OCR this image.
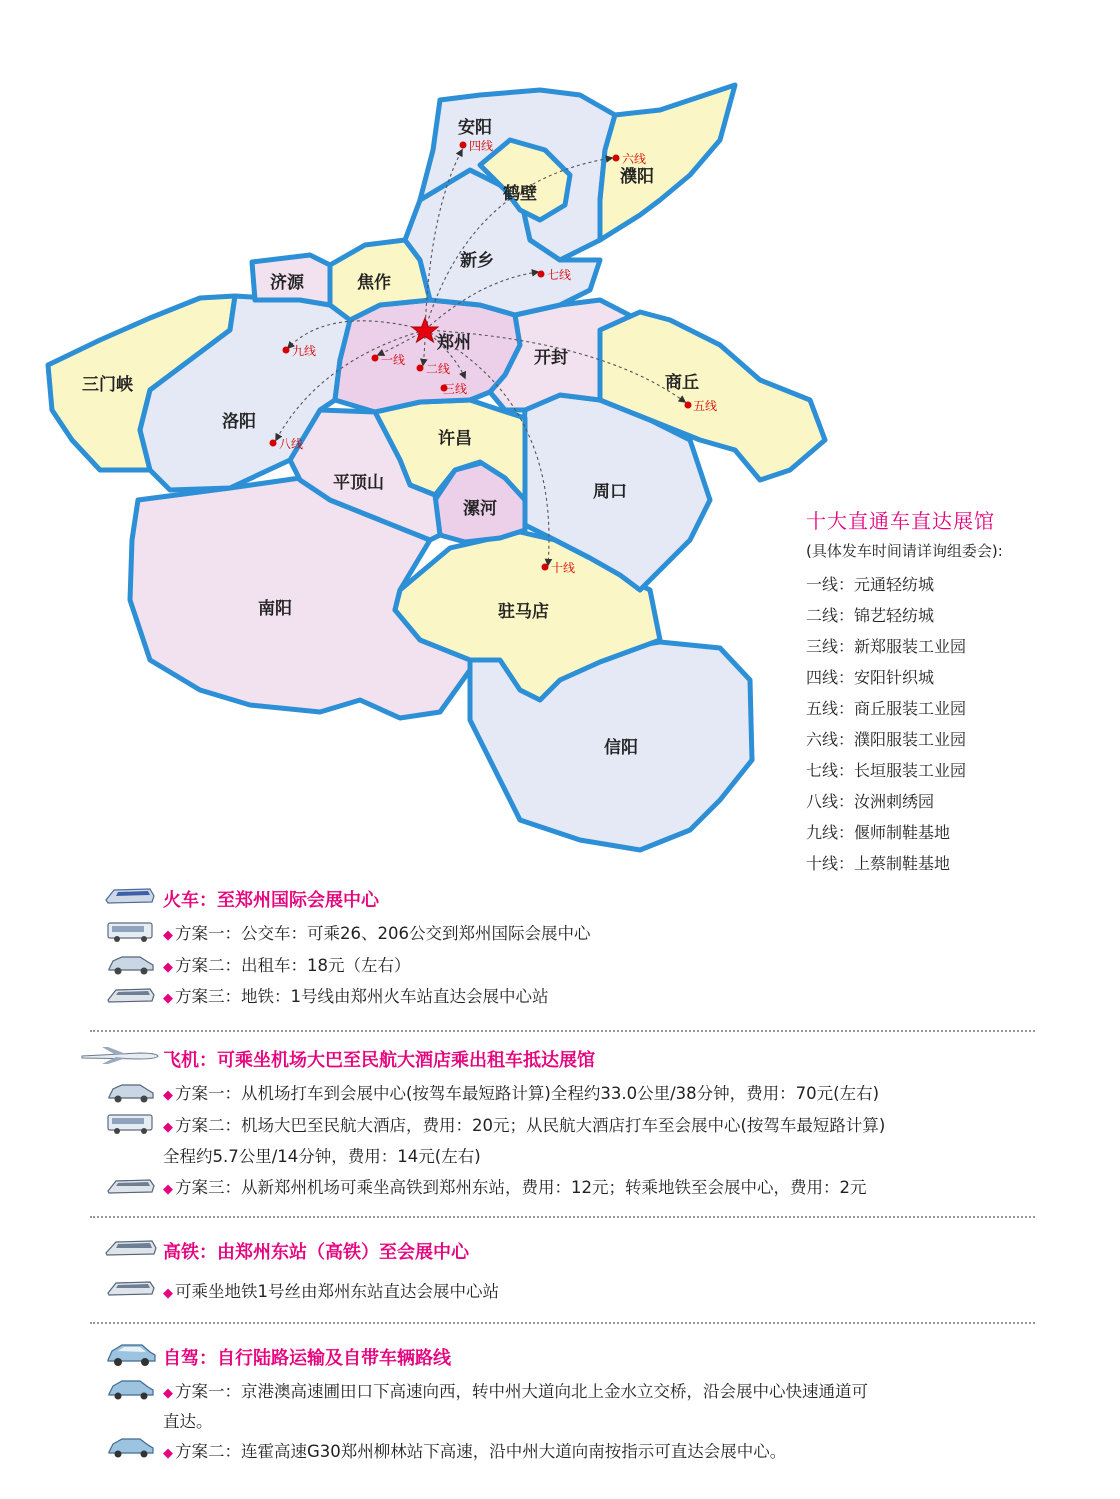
安阳
鹤壁
濮阳
新乡
济源	焦作
郑州
开封
商丘
三门峡
洛阳
许昌
平顶山
漯河
周口
南阳	驻马店
信阳
一线
二线
三线
四线
五线
六线
七线
八线
九线
十线
十大直通车直达展馆
(具体发车时间请详询组委会):
一线：元通轻纺城
二线：锦艺轻纺城
三线：新郑服装工业园
四线：安阳针织城
五线：商丘服装工业园
六线：濮阳服装工业园
七线：长垣服装工业园
八线：汝洲刺绣园
九线：偃师制鞋基地
十线：上蔡制鞋基地
火车：至郑州国际会展中心
◆ 方案一：公交车：可乘26、206公交到郑州国际会展中心
◆ 方案二：出租车：18元（左右）
◆ 方案三：地铁：1号线由郑州火车站直达会展中心站
飞机：可乘坐机场大巴至民航大酒店乘出租车抵达展馆
◆ 方案一：从机场打车到会展中心(按驾车最短路计算)全程约33.0公里/38分钟，费用：70元(左右)
◆ 方案二：机场大巴至民航大酒店，费用：20元；从民航大酒店打车至会展中心(按驾车最短路计算)
全程约5.7公里/14分钟，费用：14元(左右)
◆ 方案三：从新郑州机场可乘坐高铁到郑州东站，费用：12元；转乘地铁至会展中心，费用：2元
高铁：由郑州东站（高铁）至会展中心
◆ 可乘坐地铁1号丝由郑州东站直达会展中心站
自驾：自行陆路运输及自带车辆路线
◆ 方案一：京港澳高速圃田口下高速向西，转中州大道向北上金水立交桥，沿会展中心快速通道可
直达。
◆ 方案二：连霍高速G30郑州柳林站下高速，沿中州大道向南按指示可直达会展中心。
